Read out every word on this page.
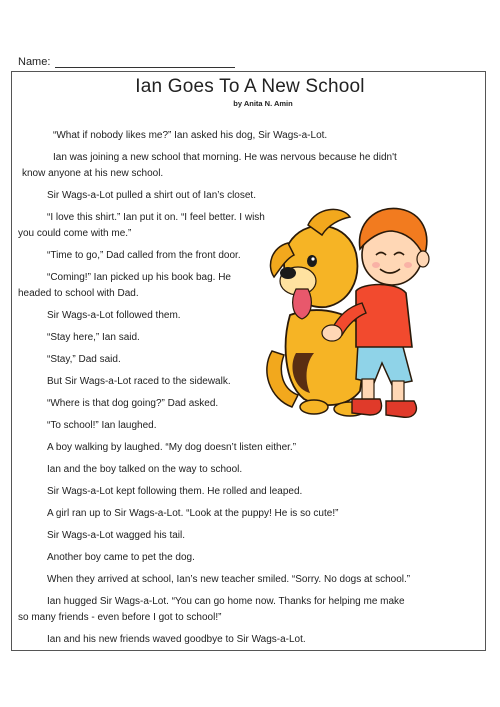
Name:
Ian Goes To A New School
by Anita N. Amin
“What if nobody likes me?” Ian asked his dog, Sir Wags-a-Lot.
Ian was joining a new school that morning. He was nervous because he didn't
know anyone at his new school.
Sir Wags-a-Lot pulled a shirt out of Ian’s closet.
“I love this shirt.” Ian put it on. “I feel better. I wish
you could come with me.”
“Time to go,” Dad called from the front door.
“Coming!” Ian picked up his book bag. He
headed to school with Dad.
Sir Wags-a-Lot followed them.
“Stay here,” Ian said.
“Stay,” Dad said.
But Sir Wags-a-Lot raced to the sidewalk.
“Where is that dog going?” Dad asked.
“To school!” Ian laughed.
A boy walking by laughed. “My dog doesn’t listen either.”
Ian and the boy talked on the way to school.
Sir Wags-a-Lot kept following them. He rolled and leaped.
A girl ran up to Sir Wags-a-Lot. “Look at the puppy! He is so cute!”
Sir Wags-a-Lot wagged his tail.
Another boy came to pet the dog.
When they arrived at school, Ian’s new teacher smiled. “Sorry. No dogs at school.”
Ian hugged Sir Wags-a-Lot. “You can go home now. Thanks for helping me make
so many friends - even before I got to school!”
Ian and his new friends waved goodbye to Sir Wags-a-Lot.
